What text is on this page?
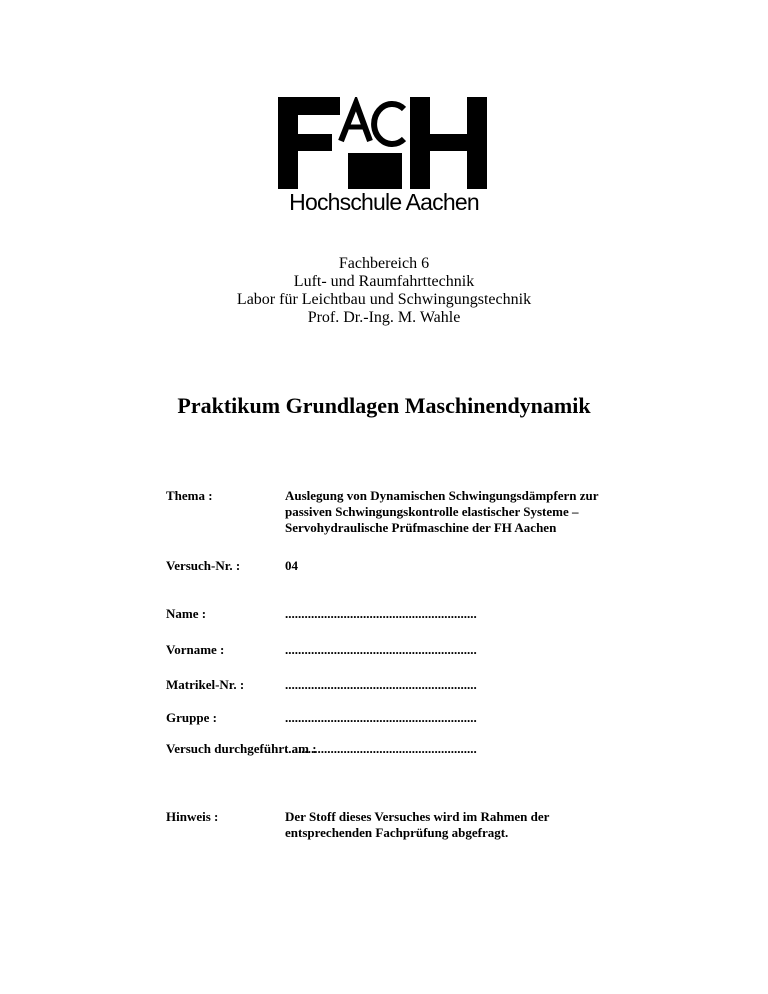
Hochschule Aachen
Fachbereich 6
Luft- und Raumfahrttechnik
Labor für Leichtbau und Schwingungstechnik
Prof. Dr.-Ing. M. Wahle
Praktikum Grundlagen Maschinendynamik
Thema :	Auslegung von Dynamischen Schwingungsdämpfern zur
passiven Schwingungskontrolle elastischer Systeme –
Servohydraulische Prüfmaschine der FH Aachen
Versuch-Nr. :	04
Name :	...........................................................
Vorname :	...........................................................
Matrikel-Nr. :	...........................................................
Gruppe :	...........................................................
Versuch durchgeführt am :
...........................................................
Hinweis :	Der Stoff dieses Versuches wird im Rahmen der
entsprechenden Fachprüfung abgefragt.
